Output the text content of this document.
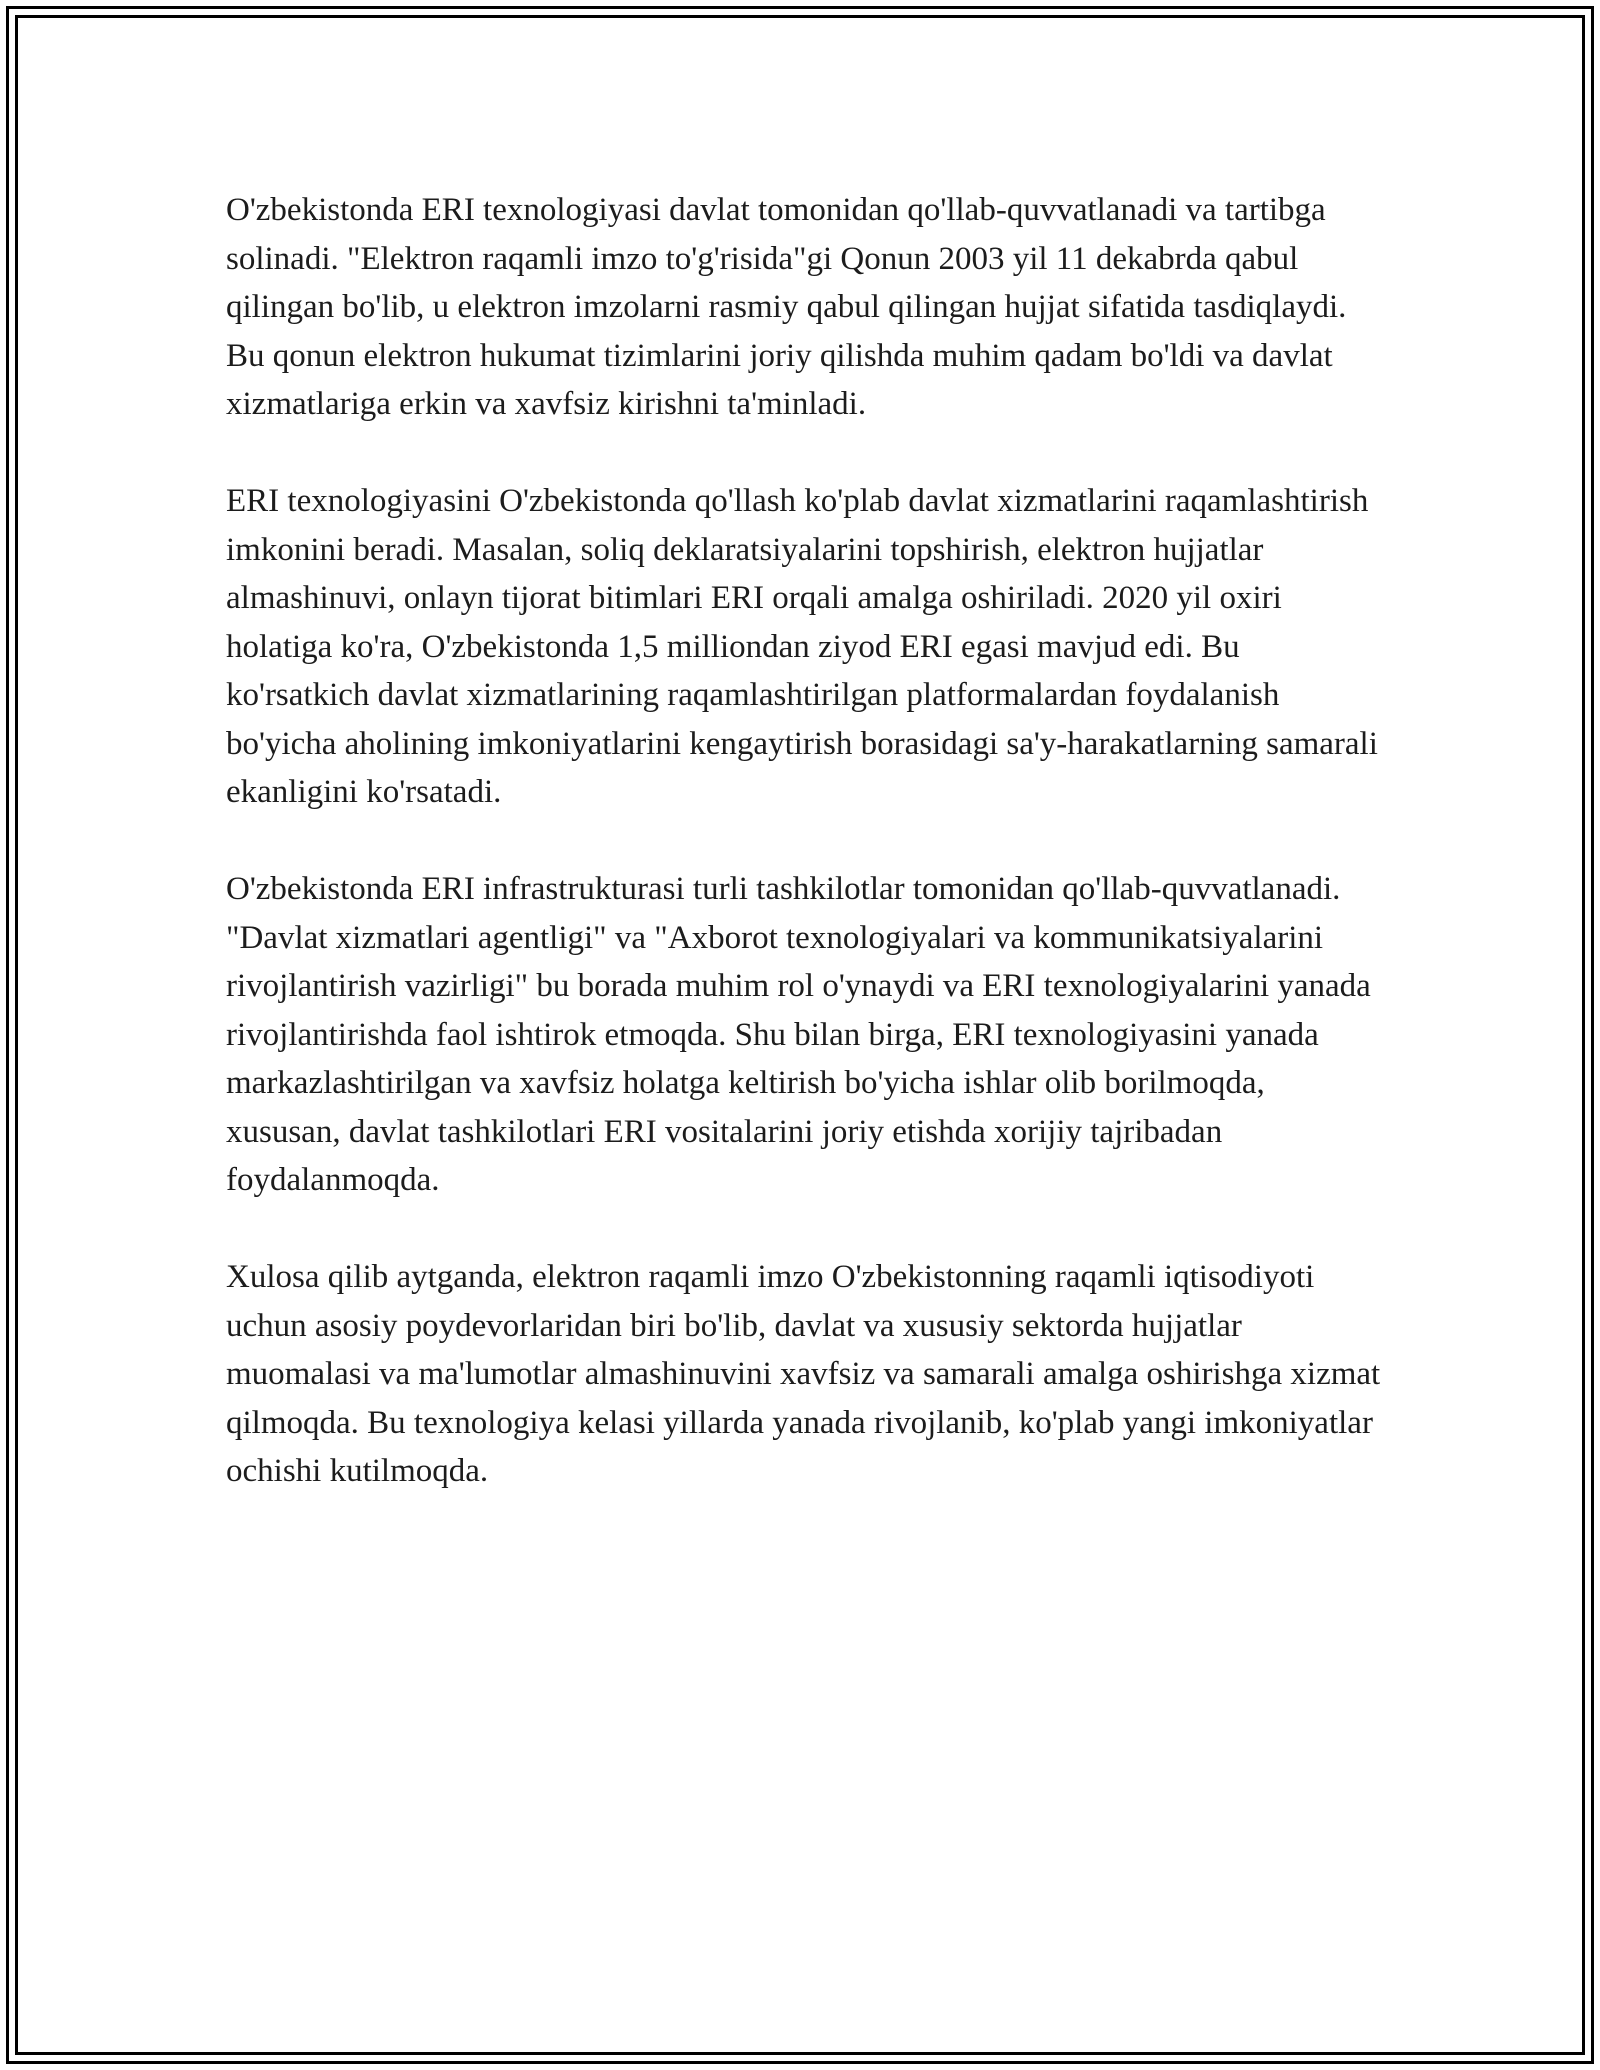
O'zbekistonda ERI texnologiyasi davlat tomonidan qo'llab-quvvatlanadi va tartibga solinadi. "Elektron raqamli imzo to'g'risida"gi Qonun 2003 yil 11 dekabrda qabul qilingan bo'lib, u elektron imzolarni rasmiy qabul qilingan hujjat sifatida tasdiqlaydi. Bu qonun elektron hukumat tizimlarini joriy qilishda muhim qadam bo'ldi va davlat xizmatlariga erkin va xavfsiz kirishni ta'minladi.

ERI texnologiyasini O'zbekistonda qo'llash ko'plab davlat xizmatlarini raqamlashtirish imkonini beradi. Masalan, soliq deklaratsiyalarini topshirish, elektron hujjatlar almashinuvi, onlayn tijorat bitimlari ERI orqali amalga oshiriladi. 2020 yil oxiri holatiga ko'ra, O'zbekistonda 1,5 milliondan ziyod ERI egasi mavjud edi. Bu ko'rsatkich davlat xizmatlarining raqamlashtirilgan platformalardan foydalanish bo'yicha aholining imkoniyatlarini kengaytirish borasidagi sa'y-harakatlarning samarali ekanligini ko'rsatadi.

O'zbekistonda ERI infrastrukturasi turli tashkilotlar tomonidan qo'llab-quvvatlanadi. "Davlat xizmatlari agentligi" va "Axborot texnologiyalari va kommunikatsiyalarini rivojlantirish vazirligi" bu borada muhim rol o'ynaydi va ERI texnologiyalarini yanada rivojlantirishda faol ishtirok etmoqda. Shu bilan birga, ERI texnologiyasini yanada markazlashtirilgan va xavfsiz holatga keltirish bo'yicha ishlar olib borilmoqda, xususan, davlat tashkilotlari ERI vositalarini joriy etishda xorijiy tajribadan foydalanmoqda.

Xulosa qilib aytganda, elektron raqamli imzo O'zbekistonning raqamli iqtisodiyoti uchun asosiy poydevorlaridan biri bo'lib, davlat va xususiy sektorda hujjatlar muomalasi va ma'lumotlar almashinuvini xavfsiz va samarali amalga oshirishga xizmat qilmoqda. Bu texnologiya kelasi yillarda yanada rivojlanib, ko'plab yangi imkoniyatlar ochishi kutilmoqda.
